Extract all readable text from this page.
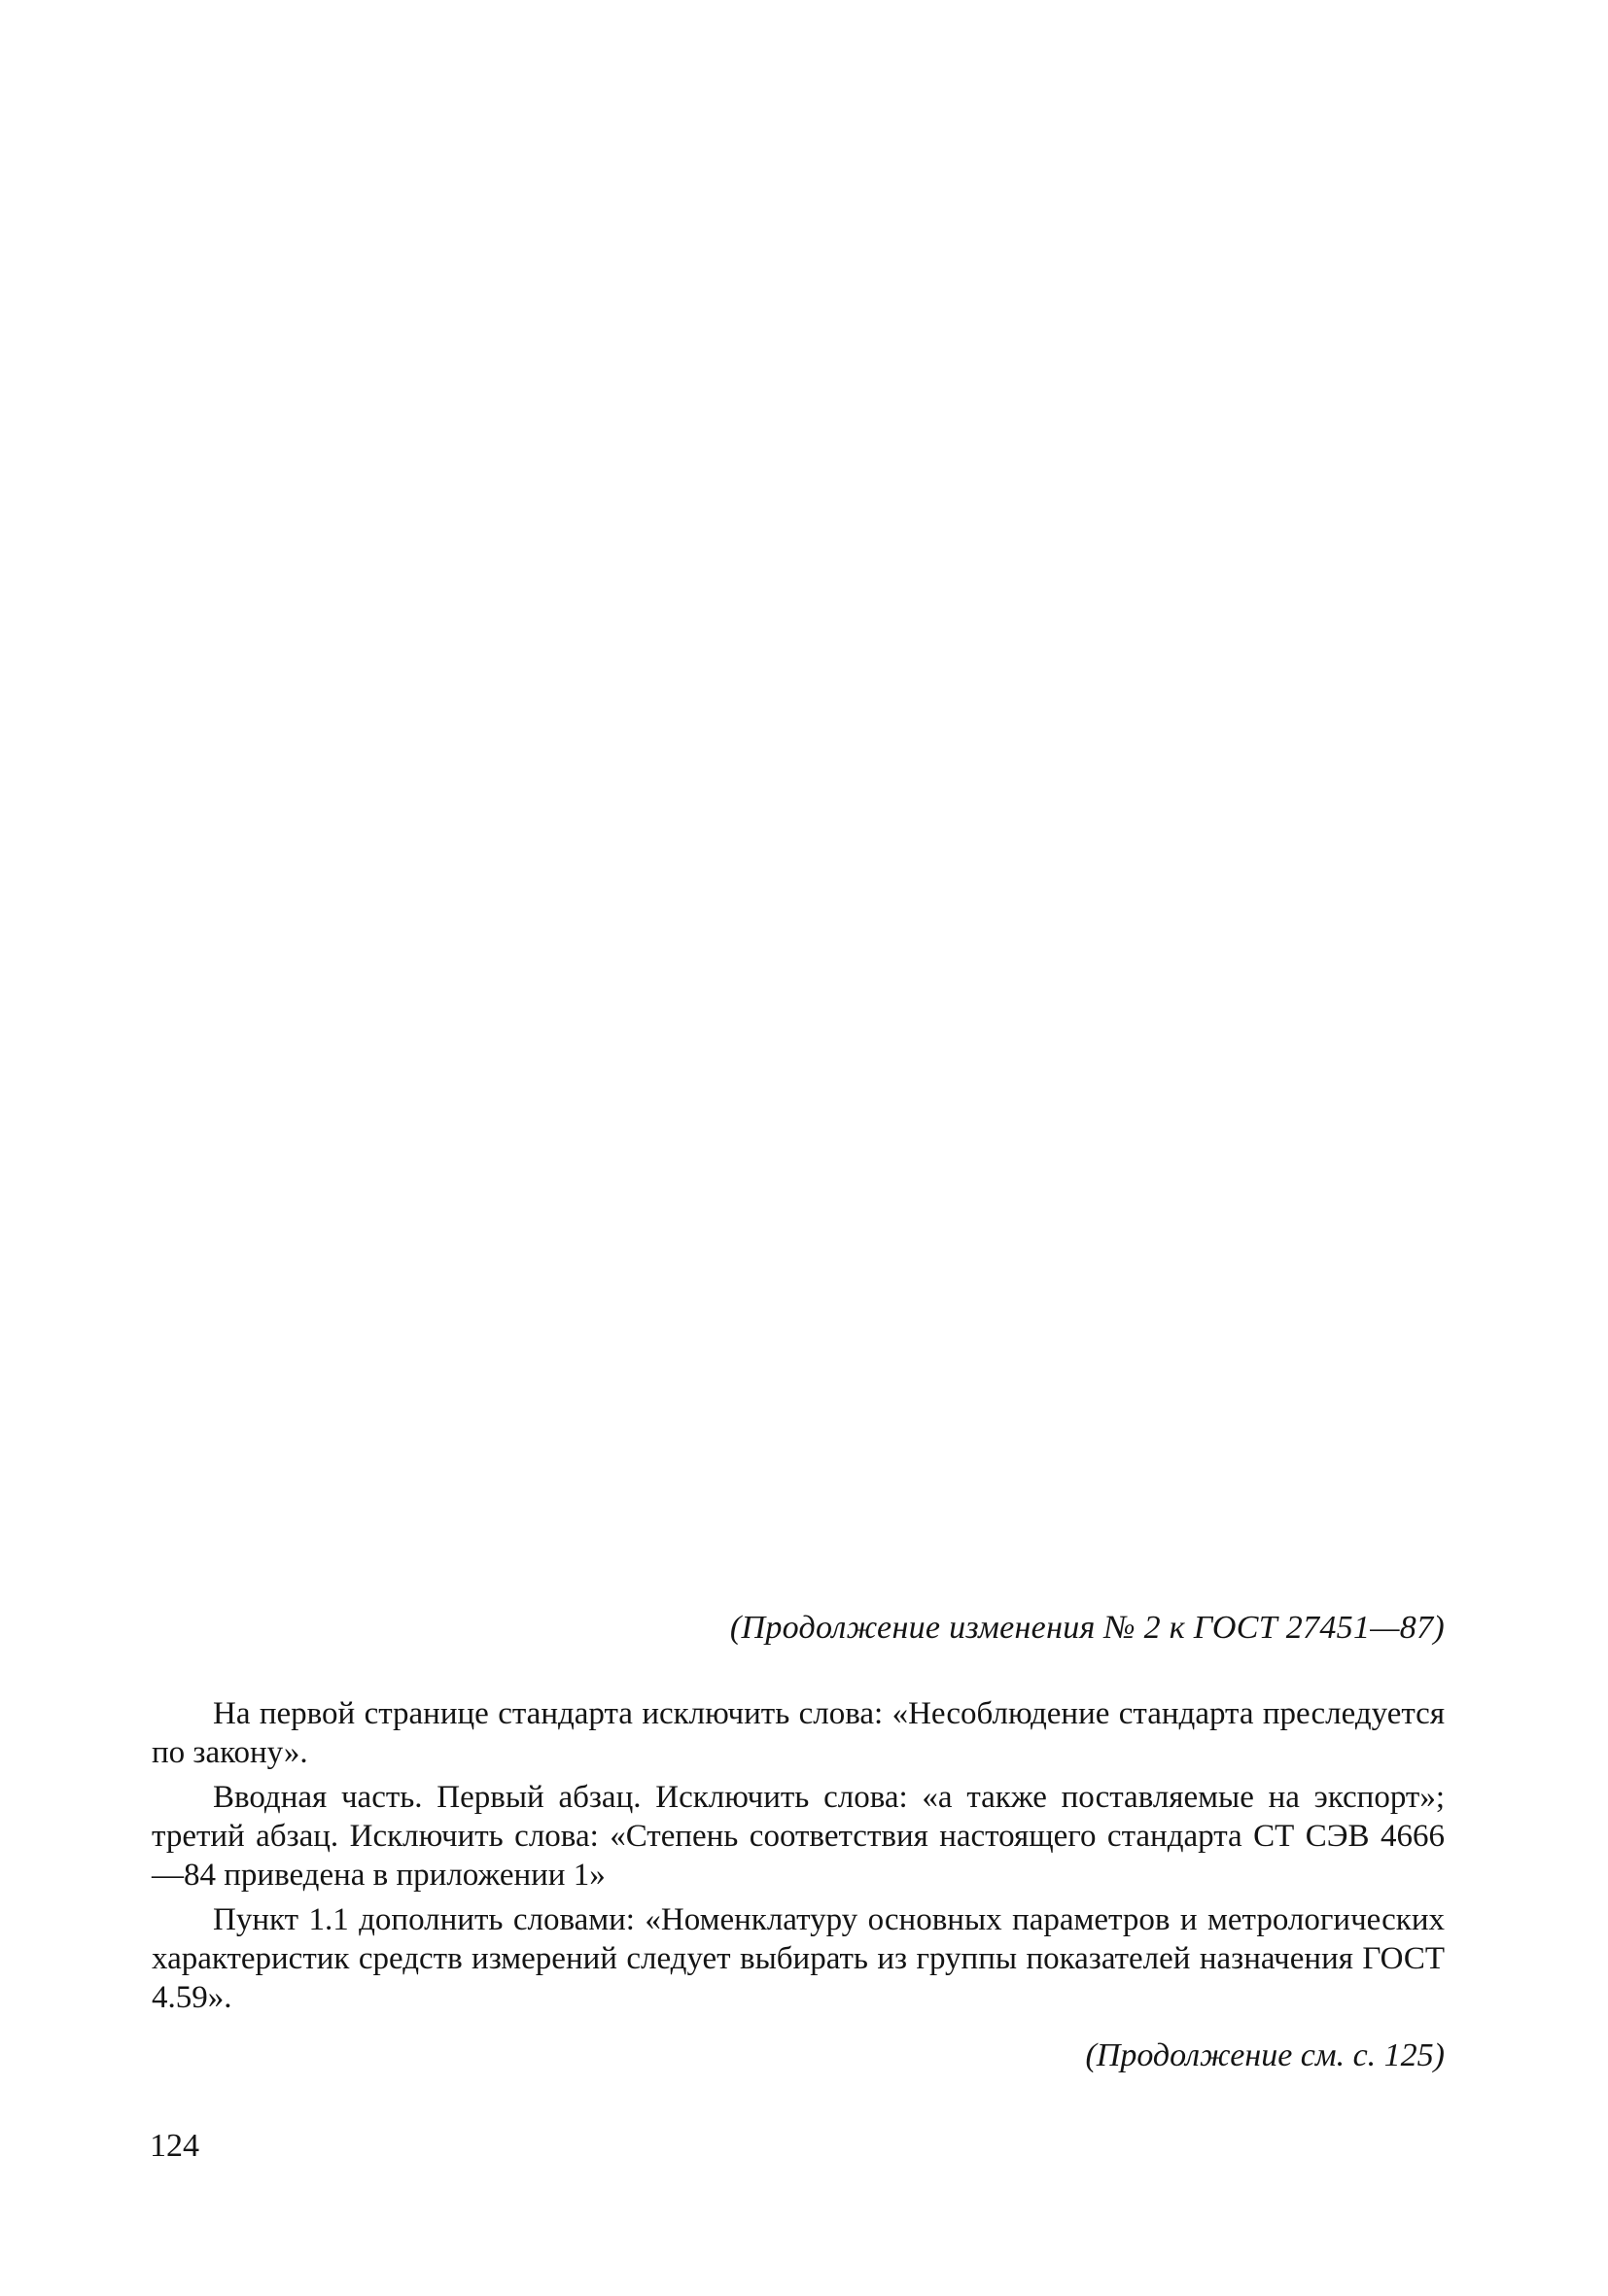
(Продолжение изменения № 2 к ГОСТ 27451—87)

На первой странице стандарта исключить слова: «Несоблюдение стандарта преследуется по закону».

Вводная часть. Первый абзац. Исключить слова: «а также поставляемые на экспорт»; третий абзац. Исключить слова: «Степень соответствия настоящего стандарта СТ СЭВ 4666—84 приведена в приложении 1»

Пункт 1.1 дополнить словами: «Номенклатуру основных параметров и метрологических характеристик средств измерений следует выбирать из группы показателей назначения ГОСТ 4.59».

(Продолжение см. с. 125)

124
